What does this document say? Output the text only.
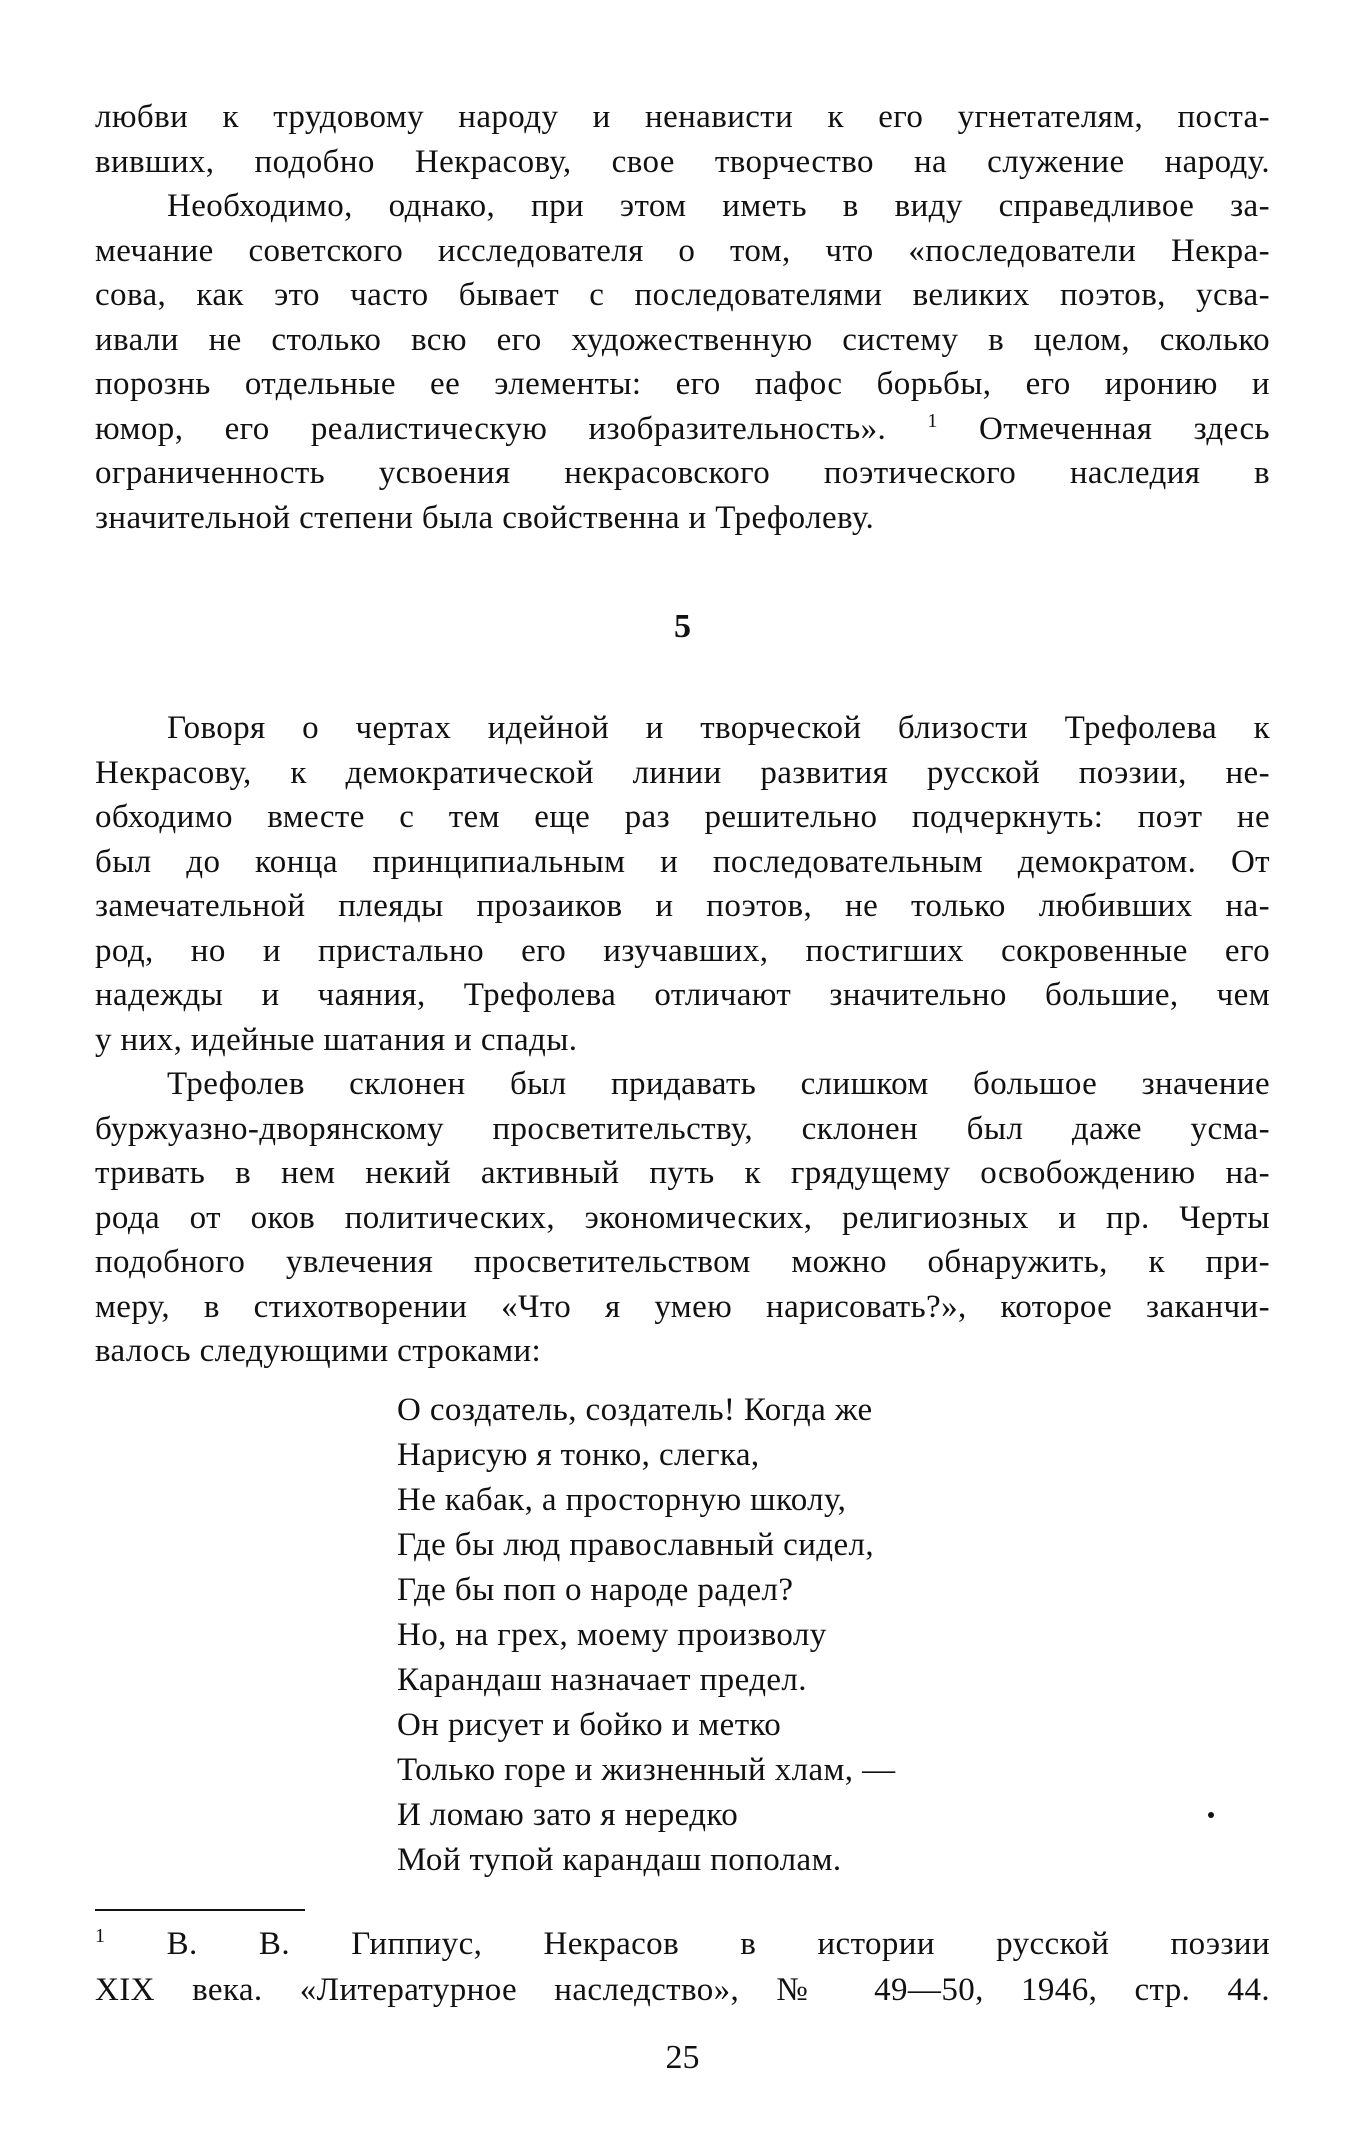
любви к трудовому народу и ненависти к его угнетателям, поста-
вивших, подобно Некрасову, свое творчество на служение народу.
Необходимо, однако, при этом иметь в виду справедливое за-
мечание советского исследователя о том, что «последователи Некра-
сова, как это часто бывает с последователями великих поэтов, усва-
ивали не столько всю его художественную систему в целом, сколько
порознь отдельные ее элементы: его пафос борьбы, его иронию и
юмор, его реалистическую изобразительность». $^1$ Отмеченная здесь
ограниченность усвоения некрасовского поэтического наследия в
значительной степени была свойственна и Трефолеву.
5
Говоря о чертах идейной и творческой близости Трефолева к
Некрасову, к демократической линии развития русской поэзии, не-
обходимо вместе с тем еще раз решительно подчеркнуть: поэт не
был до конца принципиальным и последовательным демократом. От
замечательной плеяды прозаиков и поэтов, не только любивших на-
род, но и пристально его изучавших, постигших сокровенные его
надежды и чаяния, Трефолева отличают значительно большие, чем
у них, идейные шатания и спады.
Трефолев склонен был придавать слишком большое значение
буржуазно-дворянскому просветительству, склонен был даже усма-
тривать в нем некий активный путь к грядущему освобождению на-
рода от оков политических, экономических, религиозных и пр. Черты
подобного увлечения просветительством можно обнаружить, к при-
меру, в стихотворении «Что я умею нарисовать?», которое заканчи-
валось следующими строками:
О создатель, создатель! Когда же
Нарисую я тонко, слегка,
Не кабак, а просторную школу,
Где бы люд православный сидел,
Где бы поп о народе радел?
Но, на грех, моему произволу
Карандаш назначает предел.
Он рисует и бойко и метко
Только горе и жизненный хлам, —
И ломаю зато я нередко
Мой тупой карандаш пополам.
$^1$ В. В. Гиппиус, Некрасов в истории русской поэзии
XIX века. «Литературное наследство», № 49—50, 1946, стр. 44.
25
